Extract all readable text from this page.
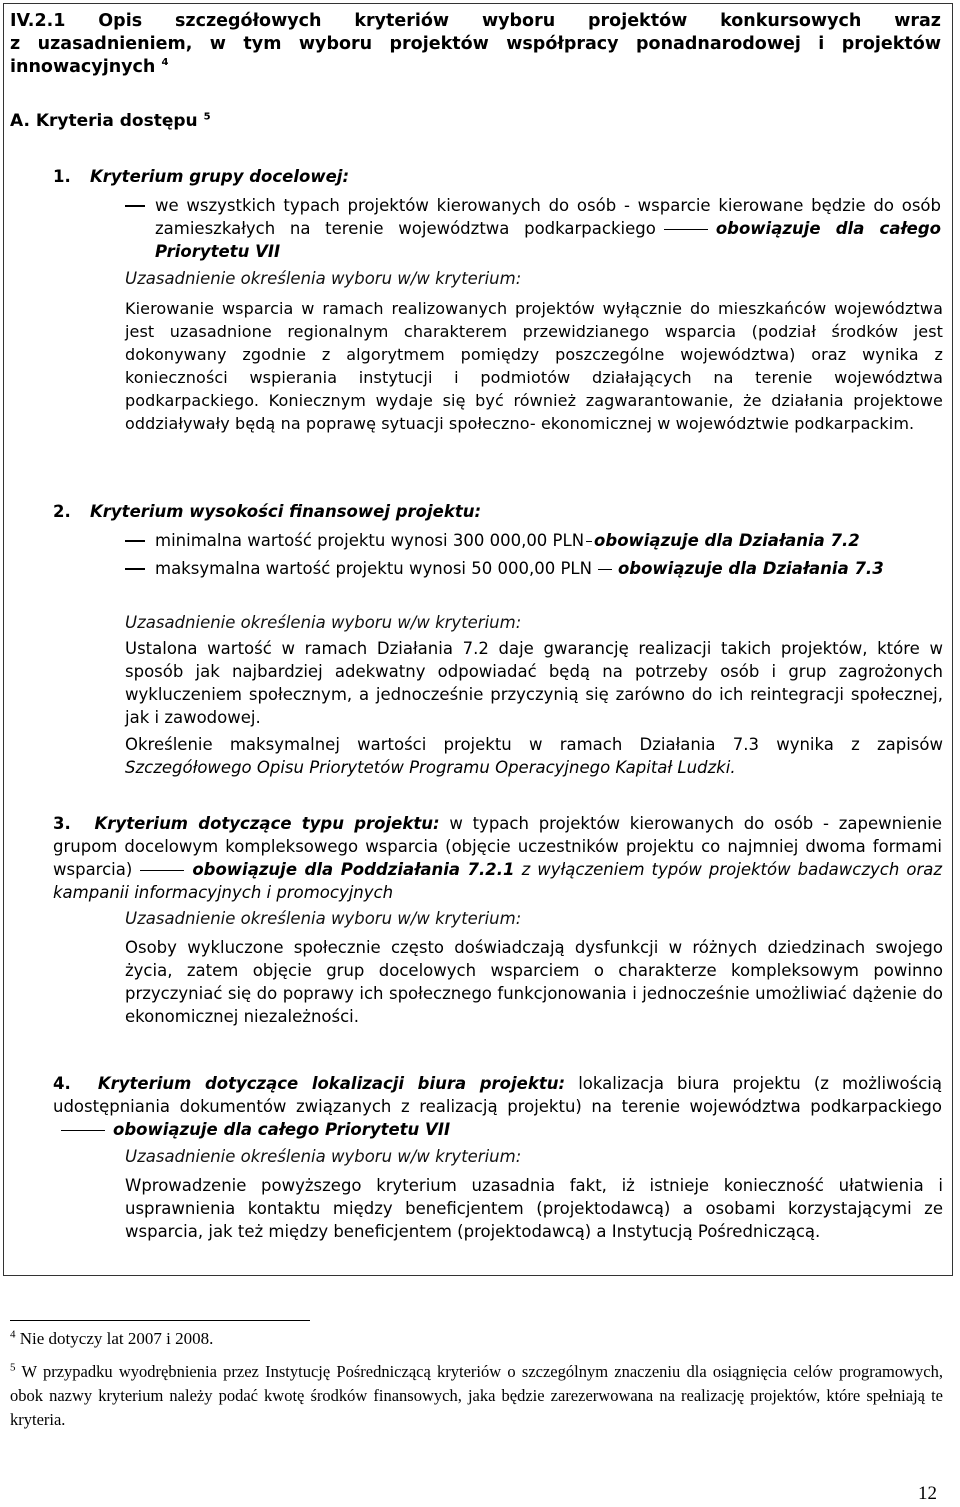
IV.2.1 Opis szczegółowych kryteriów wyboru projektów konkursowych wraz
z uzasadnieniem, w tym wyboru projektów współpracy ponadnarodowej i projektów
innowacyjnych $^4$
A. Kryteria dostępu $^5$
1. Kryterium grupy docelowej:
we wszystkich typach projektów kierowanych do osób - wsparcie kierowane będzie do osób zamieszkałych na terenie województwa podkarpackiego	obowiązuje dla całego Priorytetu VII
Uzasadnienie określenia wyboru w/w kryterium:
Kierowanie wsparcia w ramach realizowanych projektów wyłącznie do mieszkańców województwa jest uzasadnione regionalnym charakterem przewidzianego wsparcia (podział środków jest dokonywany zgodnie z algorytmem pomiędzy poszczególne województwa) oraz wynika z konieczności wspierania instytucji i podmiotów działających na terenie województwa podkarpackiego. Koniecznym wydaje się być również zagwarantowanie, że działania projektowe oddziaływały będą na poprawę sytuacji społeczno- ekonomicznej w województwie podkarpackim.
2. Kryterium wysokości finansowej projektu:
minimalna wartość projektu wynosi 300 000,00 PLN obowiązuje dla Działania 7.2
maksymalna wartość projektu wynosi 50 000,00 PLN obowiązuje dla Działania 7.3
Uzasadnienie określenia wyboru w/w kryterium:
Ustalona wartość w ramach Działania 7.2 daje gwarancję realizacji takich projektów, które w sposób jak najbardziej adekwatny odpowiadać będą na potrzeby osób i grup zagrożonych wykluczeniem społecznym, a jednocześnie przyczynią się zarówno do ich reintegracji społecznej, jak i zawodowej.
Określenie maksymalnej wartości projektu w ramach Działania 7.3 wynika z zapisów Szczegółowego Opisu Priorytetów Programu Operacyjnego Kapitał Ludzki.
3. Kryterium dotyczące typu projektu: w typach projektów kierowanych do osób - zapewnienie grupom docelowym kompleksowego wsparcia (objęcie uczestników projektu co najmniej dwoma formami wsparcia)	obowiązuje dla Poddziałania 7.2.1 z wyłączeniem typów projektów badawczych oraz kampanii informacyjnych i promocyjnych
Uzasadnienie określenia wyboru w/w kryterium:
Osoby wykluczone społecznie często doświadczają dysfunkcji w różnych dziedzinach swojego życia, zatem objęcie grup docelowych wsparciem o charakterze kompleksowym powinno przyczyniać się do poprawy ich społecznego funkcjonowania i jednocześnie umożliwiać dążenie do ekonomicznej niezależności.
4. Kryterium dotyczące lokalizacji biura projektu: lokalizacja biura projektu (z możliwością udostępniania dokumentów związanych z realizacją projektu) na terenie województwa podkarpackiegoobowiązuje dla całego Priorytetu VII
Uzasadnienie określenia wyboru w/w kryterium:
Wprowadzenie powyższego kryterium uzasadnia fakt, iż istnieje konieczność ułatwienia i usprawnienia kontaktu między beneficjentem (projektodawcą) a osobami korzystającymi ze wsparcia, jak też między beneficjentem (projektodawcą) a Instytucją Pośredniczącą.
$^4$ Nie dotyczy lat 2007 i 2008.
$^5$ W przypadku wyodrębnienia przez Instytucję Pośredniczącą kryteriów o szczególnym znaczeniu dla osiągnięcia celów programowych, obok nazwy kryterium należy podać kwotę środków finansowych, jaka będzie zarezerwowana na realizację projektów, które spełniają te kryteria.
12
